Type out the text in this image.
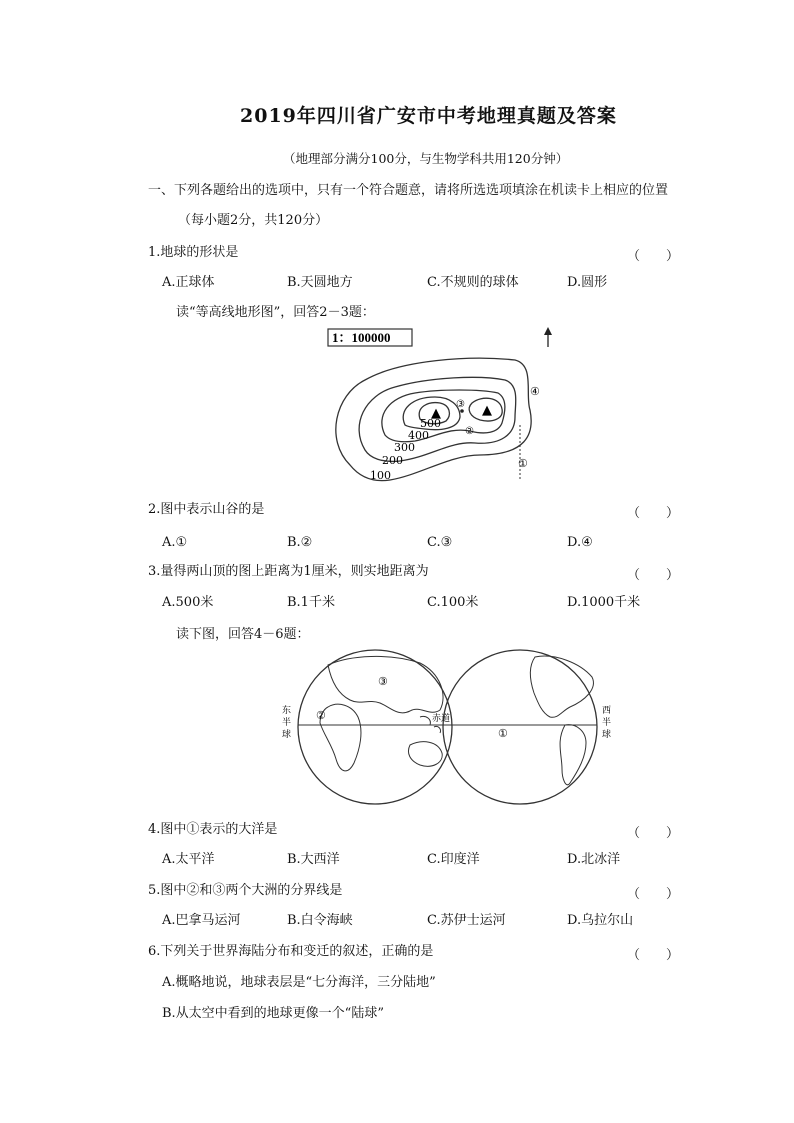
2019年四川省广安市中考地理真题及答案
（地理部分满分100分，与生物学科共用120分钟）
一、下列各题给出的选项中，只有一个符合题意，请将所选选项填涂在机读卡上相应的位置
（每小题2分，共120分）
1.地球的形状是	（　　）
A.正球体	B.天圆地方	C.不规则的球体	D.圆形
读“等高线地形图”，回答2－3题：
1：100000
▲	▲
500
400
300
200
100
①
②
③
④
2.图中表示山谷的是	（　　）
A.①	B.②	C.③	D.④
3.量得两山顶的图上距离为1厘米，则实地距离为	（　　）
A.500米	B.1千米	C.100米	D.1000千米
读下图，回答4－6题：
东
半
球
西
半
球
赤道
①
②
③
4.图中①表示的大洋是	（　　）
A.太平洋	B.大西洋	C.印度洋	D.北冰洋
5.图中②和③两个大洲的分界线是	（　　）
A.巴拿马运河	B.白令海峡	C.苏伊士运河	D.乌拉尔山
6.下列关于世界海陆分布和变迁的叙述，正确的是	（　　）
A.概略地说，地球表层是“七分海洋，三分陆地”
B.从太空中看到的地球更像一个“陆球”
